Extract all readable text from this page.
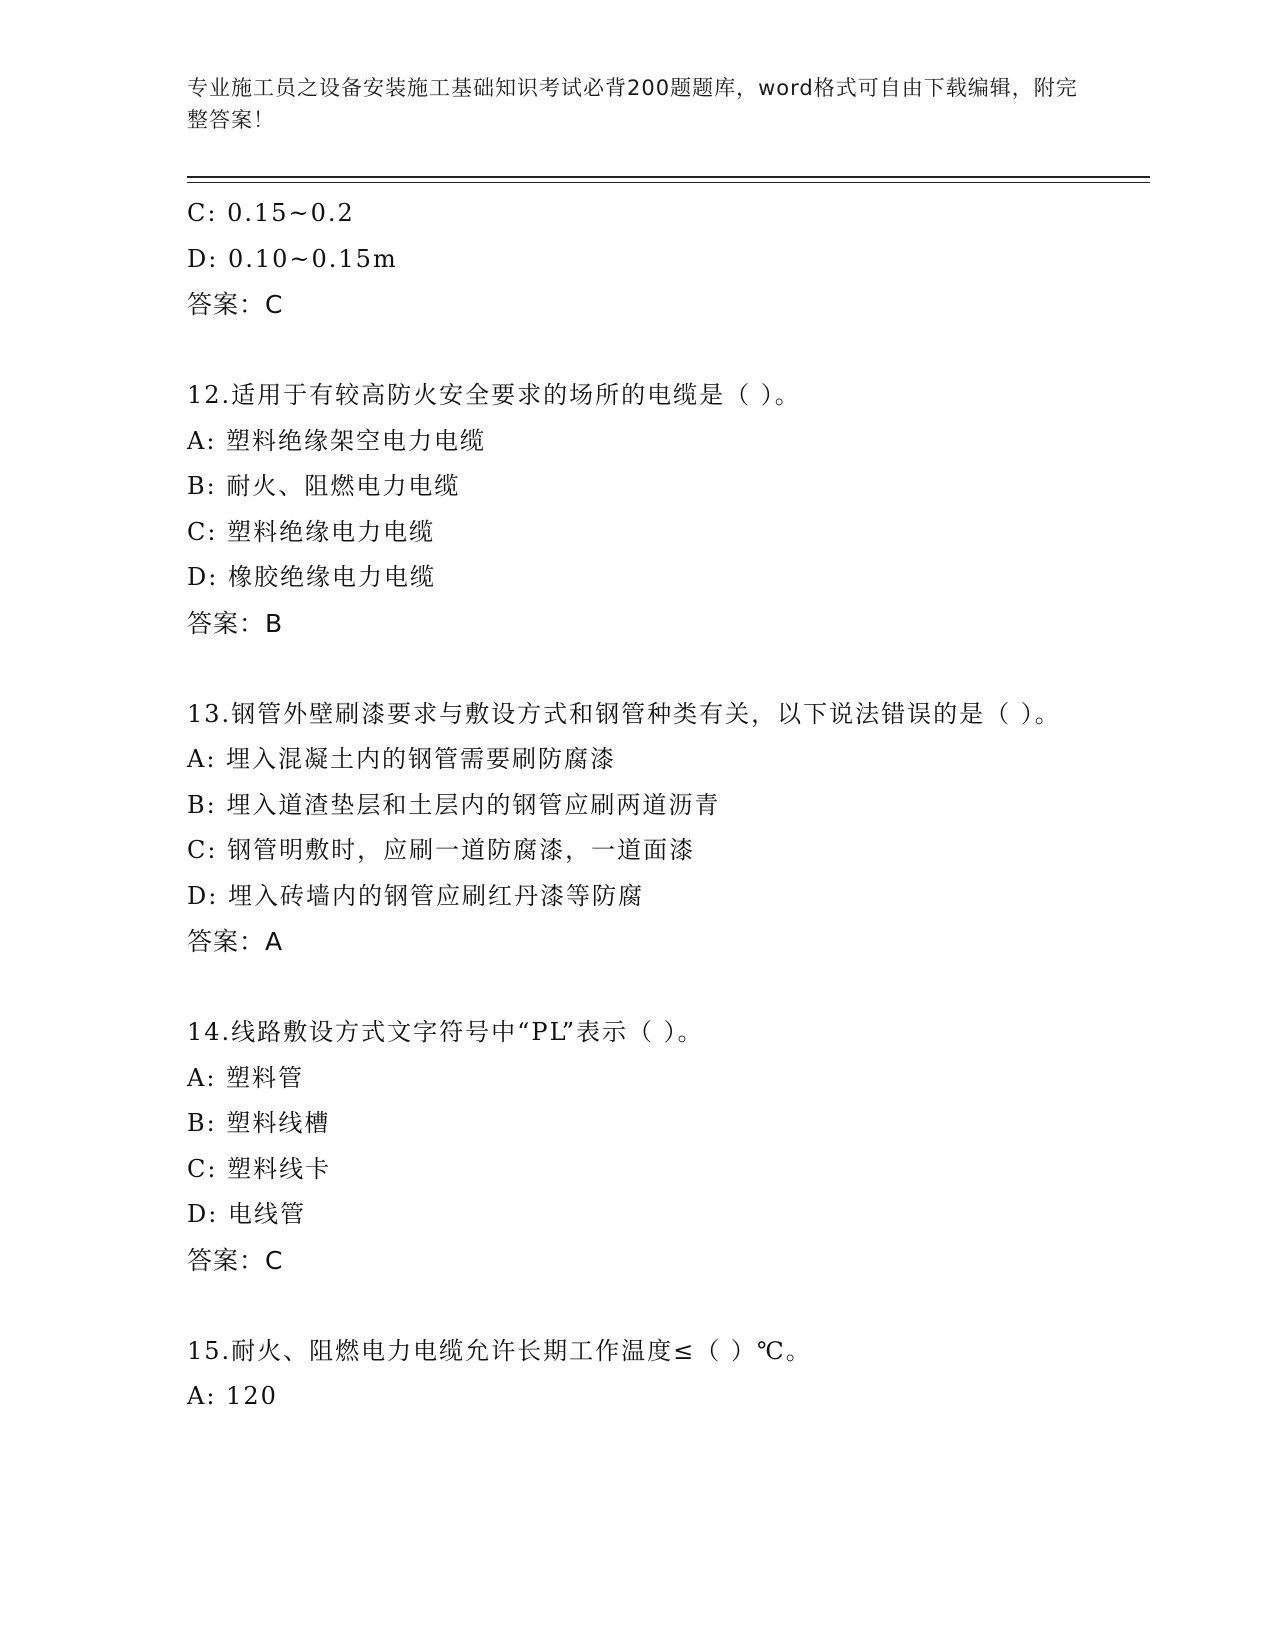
专业施工员之设备安装施工基础知识考试必背200题题库，word格式可自由下载编辑，附完整答案！
C: 0.15~0.2
D: 0.10~0.15m
答案：C
12.适用于有较高防火安全要求的场所的电缆是（ ）。
A: 塑料绝缘架空电力电缆
B: 耐火、阻燃电力电缆
C: 塑料绝缘电力电缆
D: 橡胶绝缘电力电缆
答案：B
13.钢管外壁刷漆要求与敷设方式和钢管种类有关，以下说法错误的是（ ）。
A: 埋入混凝土内的钢管需要刷防腐漆
B: 埋入道渣垫层和土层内的钢管应刷两道沥青
C: 钢管明敷时，应刷一道防腐漆，一道面漆
D: 埋入砖墙内的钢管应刷红丹漆等防腐
答案：A
14.线路敷设方式文字符号中“PL”表示（ ）。
A: 塑料管
B: 塑料线槽
C: 塑料线卡
D: 电线管
答案：C
15.耐火、阻燃电力电缆允许长期工作温度≤（ ）℃。
A: 120
